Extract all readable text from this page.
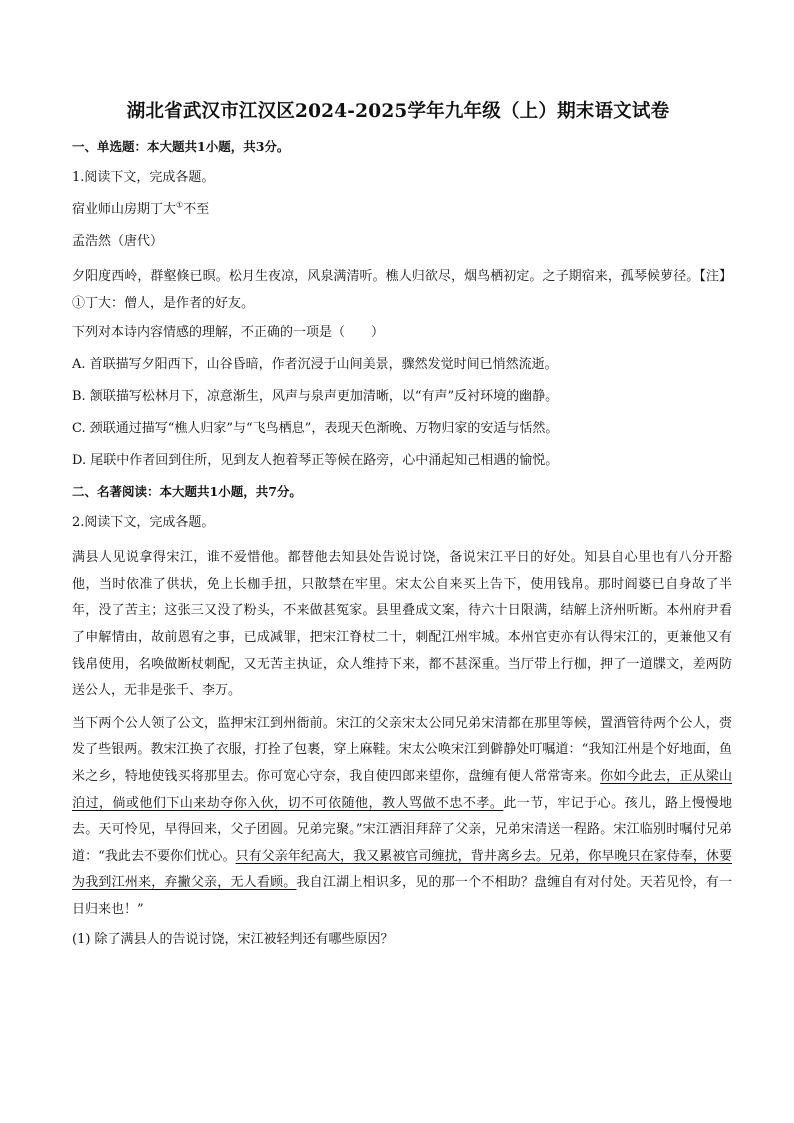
湖北省武汉市江汉区2024-2025学年九年级（上）期末语文试卷
一、单选题：本大题共1小题，共3分。
1.阅读下文，完成各题。
宿业师山房期丁大①不至
孟浩然（唐代）
夕阳度西岭，群壑倏已暝。松月生夜凉，风泉满清听。樵人归欲尽，烟鸟栖初定。之子期宿来，孤琴候萝径。【注】①丁大：僧人，是作者的好友。
下列对本诗内容情感的理解，不正确的一项是（　　）
A. 首联描写夕阳西下，山谷昏暗，作者沉浸于山间美景，骤然发觉时间已悄然流逝。
B. 颔联描写松林月下，凉意渐生，风声与泉声更加清晰，以“有声”反衬环境的幽静。
C. 颈联通过描写“樵人归家”与“飞鸟栖息”，表现天色渐晚、万物归家的安适与恬然。
D. 尾联中作者回到住所，见到友人抱着琴正等候在路旁，心中涌起知己相遇的愉悦。
二、名著阅读：本大题共1小题，共7分。
2.阅读下文，完成各题。
满县人见说拿得宋江，谁不爱惜他。都替他去知县处告说讨饶，备说宋江平日的好处。知县自心里也有八分开豁他，当时依准了供状，免上长枷手扭，只散禁在牢里。宋太公自来买上告下，使用钱帛。那时阎婆已自身故了半年，没了苦主；这张三又没了粉头，不来做甚冤家。县里叠成文案，待六十日限满，结解上济州听断。本州府尹看了申解情由，故前恩宥之事，已成减罪，把宋江脊杖二十，刺配江州牢城。本州官吏亦有认得宋江的，更兼他又有钱帛使用，名唤做断杖刺配，又无苦主执证，众人维持下来，都不甚深重。当厅带上行枷，押了一道牒文，差两防送公人，无非是张千、李万。
当下两个公人领了公文，监押宋江到州衙前。宋江的父亲宋太公同兄弟宋清都在那里等候，置酒管待两个公人，赍发了些银两。教宋江换了衣服，打拴了包裹，穿上麻鞋。宋太公唤宋江到僻静处叮嘱道：“我知江州是个好地面，鱼米之乡，特地使钱买将那里去。你可宽心守奈，我自使四郎来望你，盘缠有便人常常寄来。你如今此去，正从梁山泊过，倘或他们下山来劫夺你入伙，切不可依随他，教人骂做不忠不孝。此一节，牢记于心。孩儿，路上慢慢地去。天可怜见，早得回来，父子团圆。兄弟完聚。”宋江洒泪拜辞了父亲，兄弟宋清送一程路。宋江临别时嘱付兄弟道：“我此去不要你们忧心。只有父亲年纪高大，我又累被官司缠扰，背井离乡去。兄弟，你早晚只在家侍奉，休要为我到江州来，弃撇父亲，无人看顾。我自江湖上相识多，见的那一个不相助？盘缠自有对付处。天若见怜，有一日归来也！”
(1) 除了满县人的告说讨饶，宋江被轻判还有哪些原因？
